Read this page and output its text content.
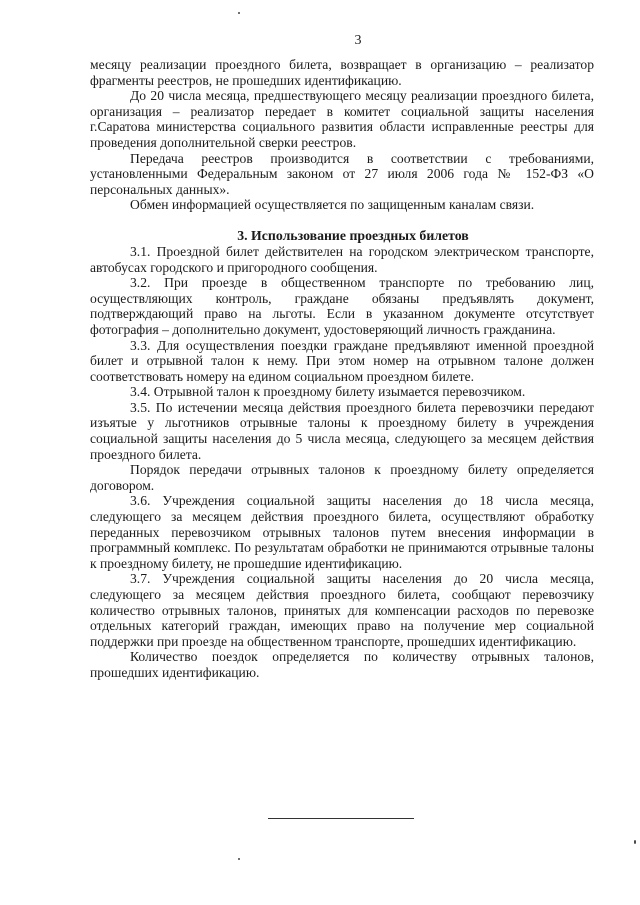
3

месяцу реализации проездного билета, возвращает в организацию – реализатор фрагменты реестров, не прошедших идентификацию.

До 20 числа месяца, предшествующего месяцу реализации проездного билета, организация – реализатор передает в комитет социальной защиты населения г.Саратова министерства социального развития области исправленные реестры для проведения дополнительной сверки реестров.

Передача реестров производится в соответствии с требованиями, установленными Федеральным законом от 27 июля 2006 года № 152-ФЗ «О персональных данных».

Обмен информацией осуществляется по защищенным каналам связи.

3. Использование проездных билетов

3.1. Проездной билет действителен на городском электрическом транспорте, автобусах городского и пригородного сообщения.

3.2. При проезде в общественном транспорте по требованию лиц, осуществляющих контроль, граждане обязаны предъявлять документ, подтверждающий право на льготы. Если в указанном документе отсутствует фотография – дополнительно документ, удостоверяющий личность гражданина.

3.3. Для осуществления поездки граждане предъявляют именной проездной билет и отрывной талон к нему. При этом номер на отрывном талоне должен соответствовать номеру на едином социальном проездном билете.

3.4. Отрывной талон к проездному билету изымается перевозчиком.

3.5. По истечении месяца действия проездного билета перевозчики передают изъятые у льготников отрывные талоны к проездному билету в учреждения социальной защиты населения до 5 числа месяца, следующего за месяцем действия проездного билета.

Порядок передачи отрывных талонов к проездному билету определяется договором.

3.6. Учреждения социальной защиты населения до 18 числа месяца, следующего за месяцем действия проездного билета, осуществляют обработку переданных перевозчиком отрывных талонов путем внесения информации в программный комплекс. По результатам обработки не принимаются отрывные талоны к проездному билету, не прошедшие идентификацию.

3.7. Учреждения социальной защиты населения до 20 числа месяца, следующего за месяцем действия проездного билета, сообщают перевозчику количество отрывных талонов, принятых для компенсации расходов по перевозке отдельных категорий граждан, имеющих право на получение мер социальной поддержки при проезде на общественном транспорте, прошедших идентификацию.

Количество поездок определяется по количеству отрывных талонов, прошедших идентификацию.
